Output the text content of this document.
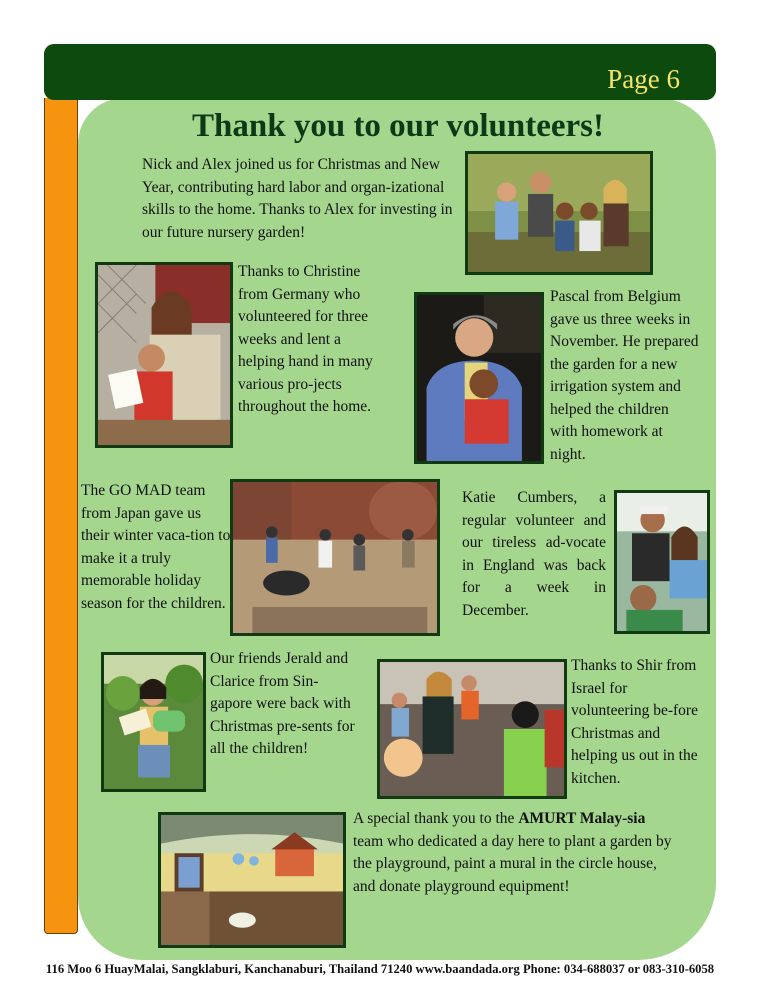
Page 6
Thank you to our volunteers!
Nick and Alex joined us for Christmas and New Year, contributing hard labor and organ-izational skills to the home. Thanks to Alex for investing in our future nursery garden!
Thanks to Christine from Germany who volunteered for three weeks and lent a helping hand in many various pro-jects throughout the home.
Pascal from Belgium gave us three weeks in November. He prepared the garden for a new irrigation system and helped the children with homework at night.
The GO MAD team from Japan gave us their winter vaca-tion to make it a truly memorable holiday season for the children.
Katie Cumbers, a regular volunteer and our tireless ad-vocate in England was back for a week in December.
Our friends Jerald and Clarice from Sin-gapore were back with Christmas pre-sents for all the children!
Thanks to Shir from Israel for volunteering be-fore Christmas and helping us out in the kitchen.
A special thank you to the AMURT Malay-sia team who dedicated a day here to plant a garden by the playground, paint a mural in the circle house, and donate playground equipment!
116 Moo 6 HuayMalai, Sangklaburi, Kanchanaburi, Thailand 71240 www.baandada.org Phone: 034-688037 or 083-310-6058
